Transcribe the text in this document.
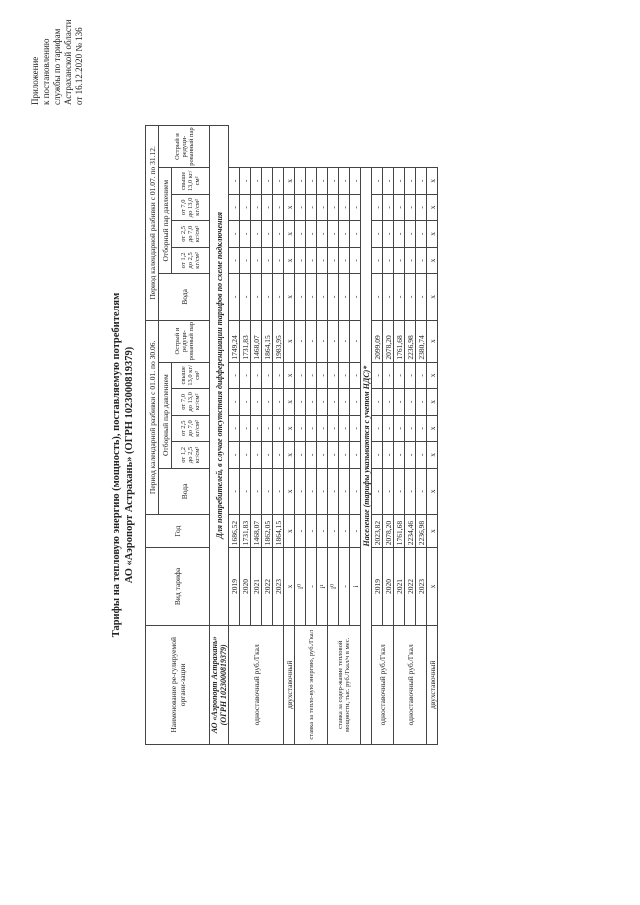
Приложение к постановлению службы по тарифам Астраханской области от 16.12.2020 № 136
Тарифы на тепловую энергию (мощность), поставляемую потребителям АО «Аэропорт Астрахань» (ОГРН 1023000819379)
Наименование ре-гулируемой органи-зации	Вид тарифа	Год	Период календарной разбивки с 01.01. по 30.06.						Период календарной разбивки с 01.07. по 31.12.					
			Вода	Отборный пар давлением				Острый и редуци-рованный пар	Вода	Отборный пар давлением				Острый и редуци-рованный пар
				от 1,2 до 2,5 кг/см²	от 2,5 до 7,0 кг/см²	от 7,0 до 13,0 кг/см²	свыше 13,0 кг/см²			от 1,2 до 2,5 кг/см²	от 2,5 до 7,0 кг/см²	от 7,0 до 13,0 кг/см²	свыше 13,0 кг/см²	
АО «Аэропорт Астрахань» (ОГРН 1023000819379)	Для потребителей, в случае отсутствия дифференциации тарифов по схеме подключения													
одноставочный руб./Гкал	2019	1686,52	-	-	-	-	-	1749,24	-	-	-	-	-	
	2020	1731,83	-	-	-	-	-	1731,83	-	-	-	-	-	
	2021	1468,07	-	-	-	-	-	1468,07	-	-	-	-	-	
	2022	1862,05	-	-	-	-	-	1864,15	-	-	-	-	-	
	2023	1864,15	-	-	-	-	-	1983,95	-	-	-	-	-	
двухставочный	x	x	x	x	x	x	x	x	x	x	x	x	x	
ставка за тепло-вую энергию, руб./Гкал	i⁰	-	-	-	-	-	-	-	-	-	-	-	-	
	-	-	-	-	-	-	-	-	-	-	-	-	-	
	i¹	-	-	-	-	-	-	-	-	-	-	-	-	
ставка за содер-жание тепловой мощности, тыс. руб./Гкал/ч в мес.	i⁰	-	-	-	-	-	-	-	-	-	-	-	-	
	-	-	-	-	-	-	-	-	-	-	-	-	-	
	i	-	-	-	-	-	-	-	-	-	-	-	-	
Население (тарифы указываются с учетом НДС)*														
одноставочный руб./Гкал	2019	2023,82	-	-	-	-	-	2099,09	-	-	-	-	-	
	2020	2078,20	-	-	-	-	-	2078,20	-	-	-	-	-	
одноставочный руб./Гкал	2021	1761,68	-	-	-	-	-	1761,68	-	-	-	-	-	
	2022	2234,46	-	-	-	-	-	2236,98	-	-	-	-	-	
	2023	2236,98	-	-	-	-	-	2380,74	-	-	-	-	-	
двухставочный	x	x	x	x	x	x	x	x	x	x	x	x	x	
